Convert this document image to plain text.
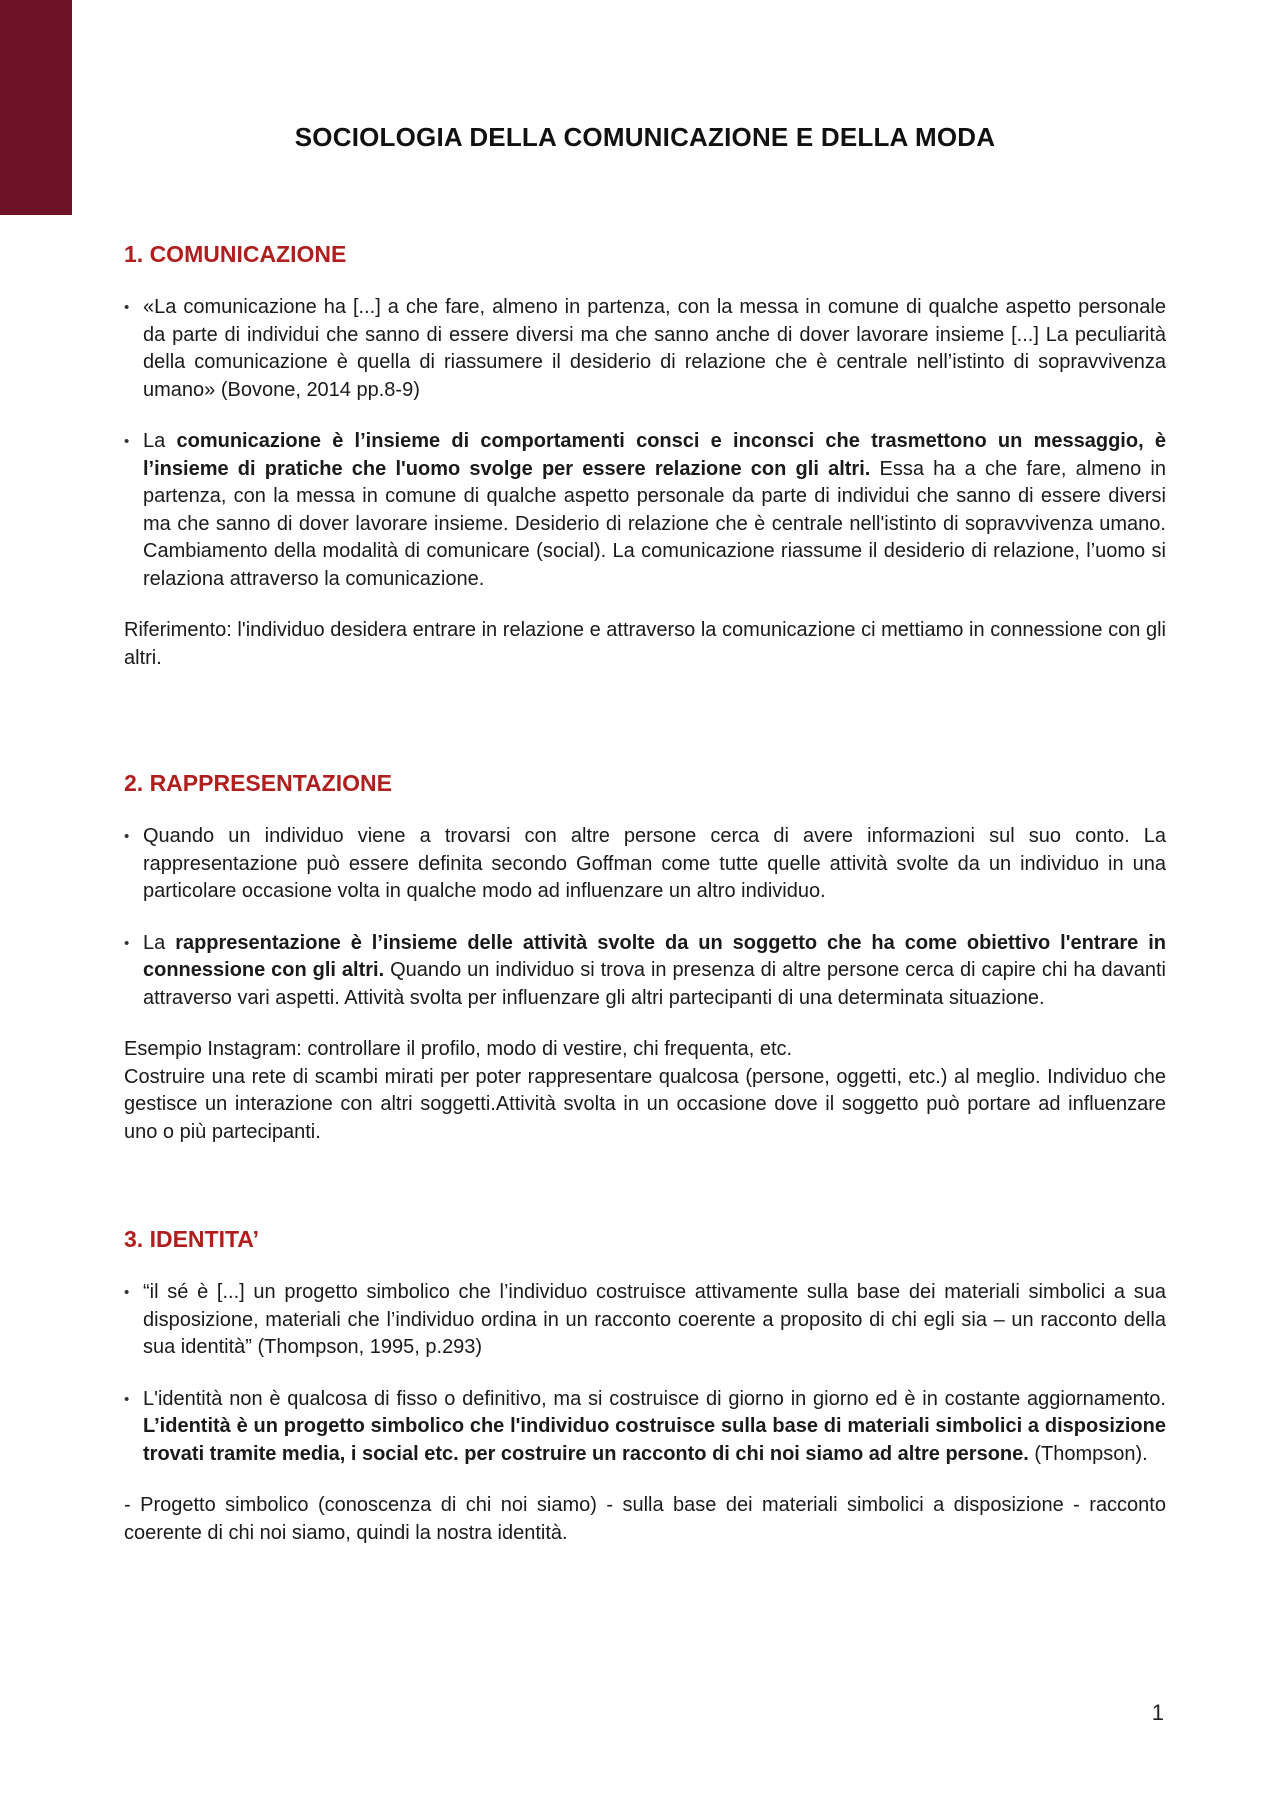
SOCIOLOGIA DELLA COMUNICAZIONE E DELLA MODA
1. COMUNICAZIONE

• «La comunicazione ha [...] a che fare, almeno in partenza, con la messa in comune di qualche aspetto personale da parte di individui che sanno di essere diversi ma che sanno anche di dover lavorare insieme [...] La peculiarità della comunicazione è quella di riassumere il desiderio di relazione che è centrale nell’istinto di sopravvivenza umano» (Bovone, 2014 pp.8-9)

• La comunicazione è l’insieme di comportamenti consci e inconsci che trasmettono un messaggio, è l’insieme di pratiche che l'uomo svolge per essere relazione con gli altri. Essa ha a che fare, almeno in partenza, con la messa in comune di qualche aspetto personale da parte di individui che sanno di essere diversi ma che sanno di dover lavorare insieme. Desiderio di relazione che è centrale nell'istinto di sopravvivenza umano. Cambiamento della modalità di comunicare (social). La comunicazione riassume il desiderio di relazione, l’uomo si relaziona attraverso la comunicazione.

Riferimento: l'individuo desidera entrare in relazione e attraverso la comunicazione ci mettiamo in connessione con gli altri.

2. RAPPRESENTAZIONE

• Quando un individuo viene a trovarsi con altre persone cerca di avere informazioni sul suo conto. La rappresentazione può essere definita secondo Goffman come tutte quelle attività svolte da un individuo in una particolare occasione volta in qualche modo ad influenzare un altro individuo.

• La rappresentazione è l’insieme delle attività svolte da un soggetto che ha come obiettivo l'entrare in connessione con gli altri. Quando un individuo si trova in presenza di altre persone cerca di capire chi ha davanti attraverso vari aspetti. Attività svolta per influenzare gli altri partecipanti di una determinata situazione.

Esempio Instagram: controllare il profilo, modo di vestire, chi frequenta, etc.

Costruire una rete di scambi mirati per poter rappresentare qualcosa (persone, oggetti, etc.) al meglio. Individuo che gestisce un interazione con altri soggetti.Attività svolta in un occasione dove il soggetto può portare ad influenzare uno o più partecipanti.

3. IDENTITA’

• “il sé è [...] un progetto simbolico che l’individuo costruisce attivamente sulla base dei materiali simbolici a sua disposizione, materiali che l’individuo ordina in un racconto coerente a proposito di chi egli sia – un racconto della sua identità” (Thompson, 1995, p.293)

• L'identità non è qualcosa di fisso o definitivo, ma si costruisce di giorno in giorno ed è in costante aggiornamento. L’identità è un progetto simbolico che l'individuo costruisce sulla base di materiali simbolici a disposizione trovati tramite media, i social etc. per costruire un racconto di chi noi siamo ad altre persone. (Thompson).

- Progetto simbolico (conoscenza di chi noi siamo) - sulla base dei materiali simbolici a disposizione - racconto coerente di chi noi siamo, quindi la nostra identità.

1
